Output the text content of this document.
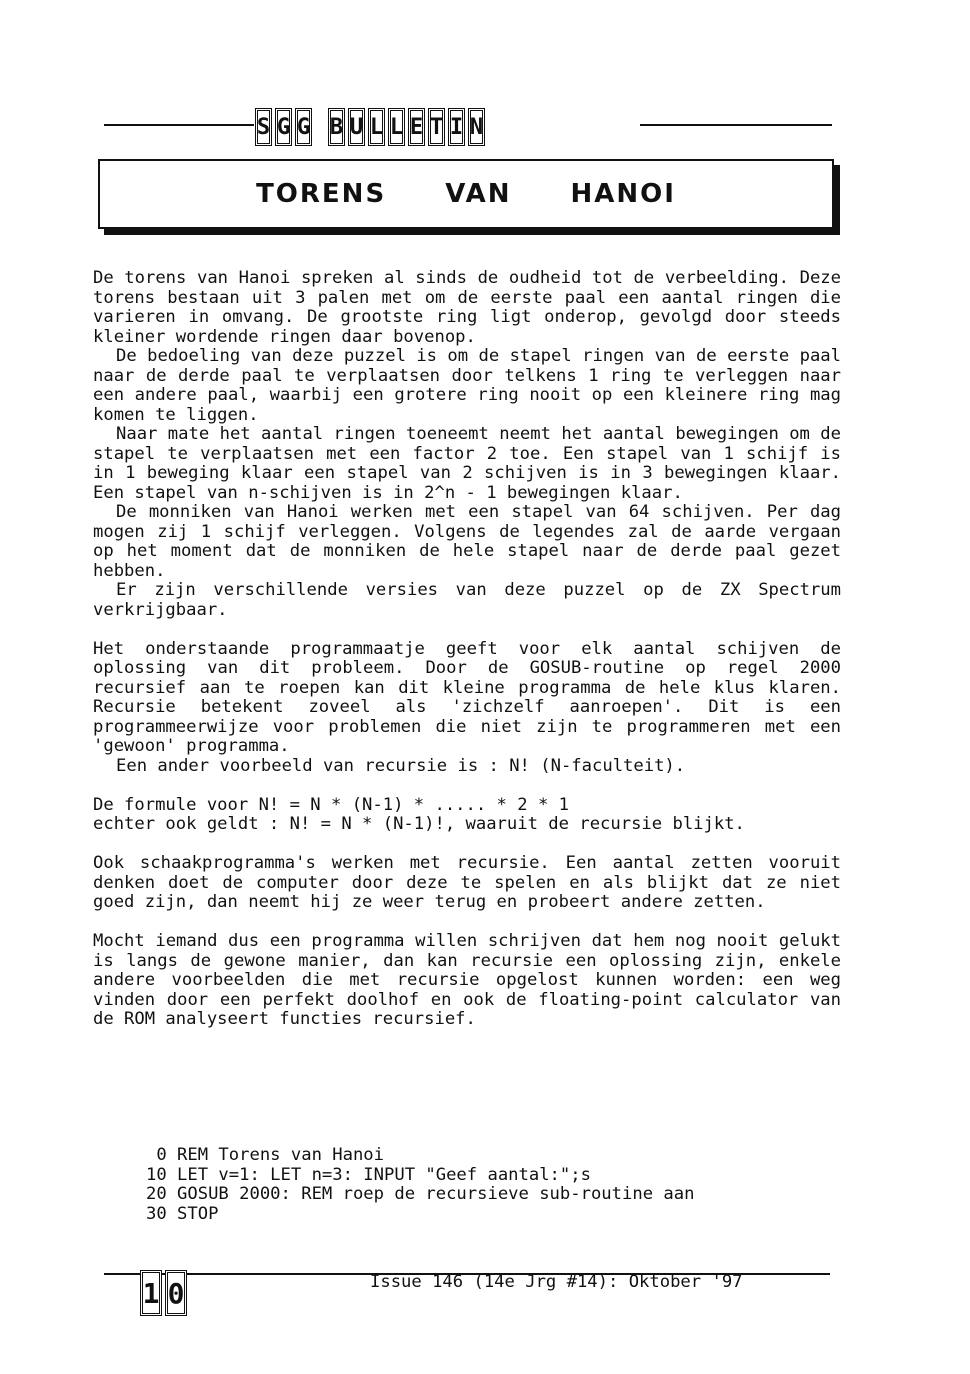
S G G B U L L E T I N
TORENS VAN HANOI

De torens van Hanoi spreken al sinds de oudheid tot de verbeelding. Deze torens bestaan uit 3 palen met om de eerste paal een aantal ringen die varieren in omvang. De grootste ring ligt onderop, gevolgd door steeds kleiner wordende ringen daar bovenop.

De bedoeling van deze puzzel is om de stapel ringen van de eerste paal naar de derde paal te verplaatsen door telkens 1 ring te verleggen naar een andere paal, waarbij een grotere ring nooit op een kleinere ring mag komen te liggen.

Naar mate het aantal ringen toeneemt neemt het aantal bewegingen om de stapel te verplaatsen met een factor 2 toe. Een stapel van 1 schijf is in 1 beweging klaar een stapel van 2 schijven is in 3 bewegingen klaar. Een stapel van n-schijven is in 2^n - 1 bewegingen klaar.

De monniken van Hanoi werken met een stapel van 64 schijven. Per dag mogen zij 1 schijf verleggen. Volgens de legendes zal de aarde vergaan op het moment dat de monniken de hele stapel naar de derde paal gezet hebben.

Er zijn verschillende versies van deze puzzel op de ZX Spectrum verkrijgbaar.

Het onderstaande programmaatje geeft voor elk aantal schijven de oplossing van dit probleem. Door de GOSUB-routine op regel 2000 recursief aan te roepen kan dit kleine programma de hele klus klaren. Recursie betekent zoveel als 'zichzelf aanroepen'. Dit is een programmeerwijze voor problemen die niet zijn te programmeren met een 'gewoon' programma.

Een ander voorbeeld van recursie is : N! (N-faculteit).

De formule voor N! = N * (N-1) * ..... * 2 * 1

echter ook geldt : N! = N * (N-1)!, waaruit de recursie blijkt.

Ook schaakprogramma's werken met recursie. Een aantal zetten vooruit denken doet de computer door deze te spelen en als blijkt dat ze niet goed zijn, dan neemt hij ze weer terug en probeert andere zetten.

Mocht iemand dus een programma willen schrijven dat hem nog nooit gelukt is langs de gewone manier, dan kan recursie een oplossing zijn, enkele andere voorbeelden die met recursie opgelost kunnen worden: een weg vinden door een perfekt doolhof en ook de floating-point calculator van de ROM analyseert functies recursief.

0 REM Torens van Hanoi
10 LET v=1: LET n=3: INPUT "Geef aantal:";s
20 GOSUB 2000: REM roep de recursieve sub-routine aan
30 STOP
1 0	Issue 146 (14e Jrg #14): Oktober '97
